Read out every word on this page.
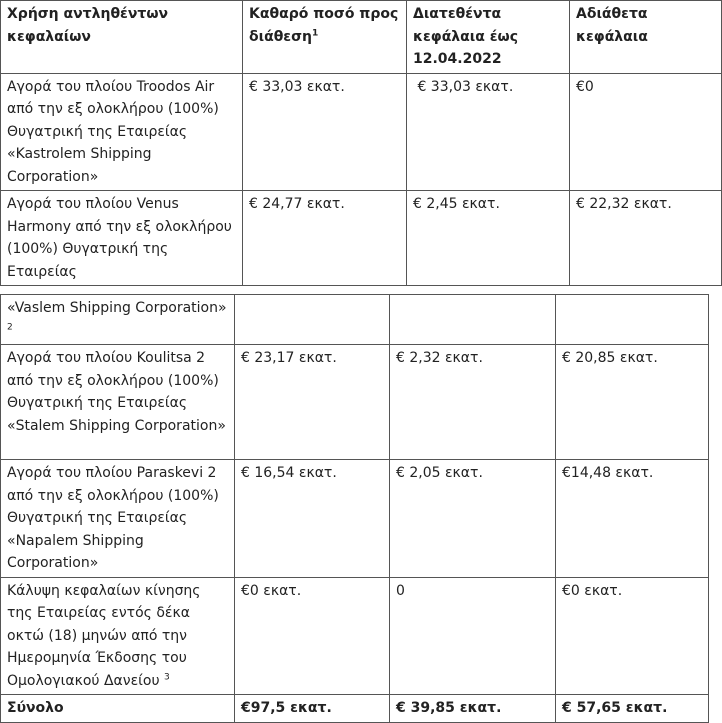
Χρήση αντληθέντων κεφαλαίων	Καθαρό ποσό προς διάθεση$^1$	Διατεθέντα κεφάλαια έως 12.04.2022	Αδιάθετα κεφάλαια
Αγορά του πλοίου Troodos Air από την εξ ολοκλήρου (100%) Θυγατρική της Εταιρείας «Kastrolem Shipping Corporation»	€ 33,03 εκατ.	€ 33,03 εκατ.	€0
Αγορά του πλοίου Venus Harmony από την εξ ολοκλήρου (100%) Θυγατρική της Εταιρείας	€ 24,77 εκατ.	€ 2,45 εκατ.	€ 22,32 εκατ.
«Vaslem Shipping Corporation» $^2$			
Αγορά του πλοίου Koulitsa 2 από την εξ ολοκλήρου (100%) Θυγατρική της Εταιρείας «Stalem Shipping Corporation»	€ 23,17 εκατ.	€ 2,32 εκατ.	€ 20,85 εκατ.
Αγορά του πλοίου Paraskevi 2 από την εξ ολοκλήρου (100%) Θυγατρική της Εταιρείας «Napalem Shipping Corporation»	€ 16,54 εκατ.	€ 2,05 εκατ.	€14,48 εκατ.
Κάλυψη κεφαλαίων κίνησης της Εταιρείας εντός δέκα οκτώ (18) μηνών από την Ημερομηνία Έκδοσης του Ομολογιακού Δανείου $^3$	€0 εκατ.	0	€0 εκατ.
Σύνολο	€97,5 εκατ.	€ 39,85 εκατ.	€ 57,65 εκατ.
